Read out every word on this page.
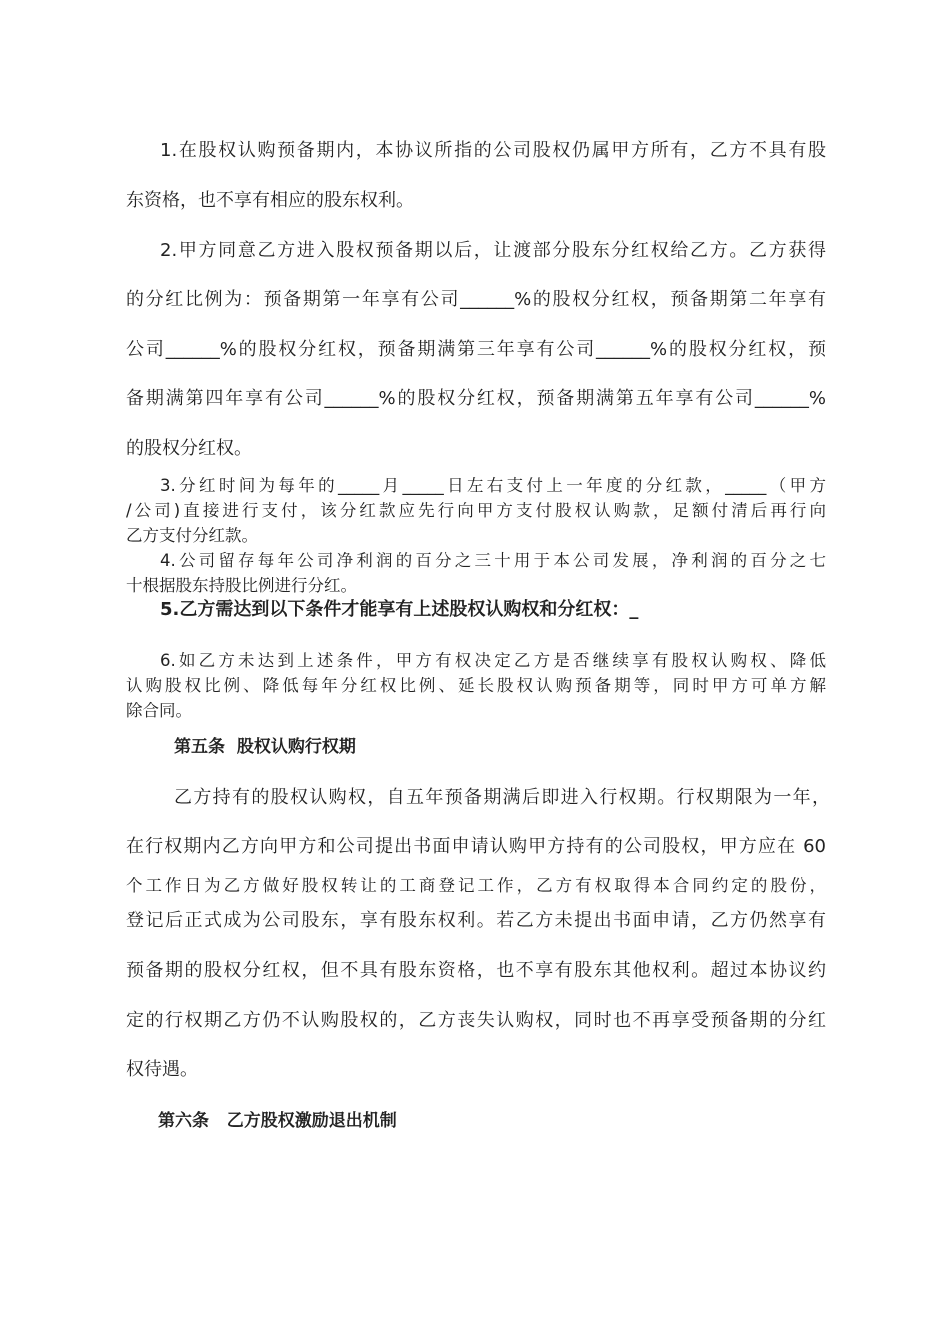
1.在股权认购预备期内，本协议所指的公司股权仍属甲方所有，乙方不具有股
东资格，也不享有相应的股东权利。
2.甲方同意乙方进入股权预备期以后，让渡部分股东分红权给乙方。乙方获得
的分红比例为：预备期第一年享有公司______%的股权分红权，预备期第二年享有
公司______%的股权分红权，预备期满第三年享有公司______%的股权分红权，预
备期满第四年享有公司______%的股权分红权，预备期满第五年享有公司______%
的股权分红权。
3.分红时间为每年的_____月_____日左右支付上一年度的分红款，_____（甲方
/公司)直接进行支付，该分红款应先行向甲方支付股权认购款，足额付清后再行向
乙方支付分红款。
4.公司留存每年公司净利润的百分之三十用于本公司发展，净利润的百分之七
十根据股东持股比例进行分红。
5.乙方需达到以下条件才能享有上述股权认购权和分红权：_
6.如乙方未达到上述条件，甲方有权决定乙方是否继续享有股权认购权、降低
认购股权比例、降低每年分红权比例、延长股权认购预备期等，同时甲方可单方解
除合同。
第五条  股权认购行权期
乙方持有的股权认购权，自五年预备期满后即进入行权期。行权期限为一年，
在行权期内乙方向甲方和公司提出书面申请认购甲方持有的公司股权，甲方应在 60
个工作日为乙方做好股权转让的工商登记工作，乙方有权取得本合同约定的股份，
登记后正式成为公司股东，享有股东权利。若乙方未提出书面申请，乙方仍然享有
预备期的股权分红权，但不具有股东资格，也不享有股东其他权利。超过本协议约
定的行权期乙方仍不认购股权的，乙方丧失认购权，同时也不再享受预备期的分红
权待遇。
第六条   乙方股权激励退出机制
